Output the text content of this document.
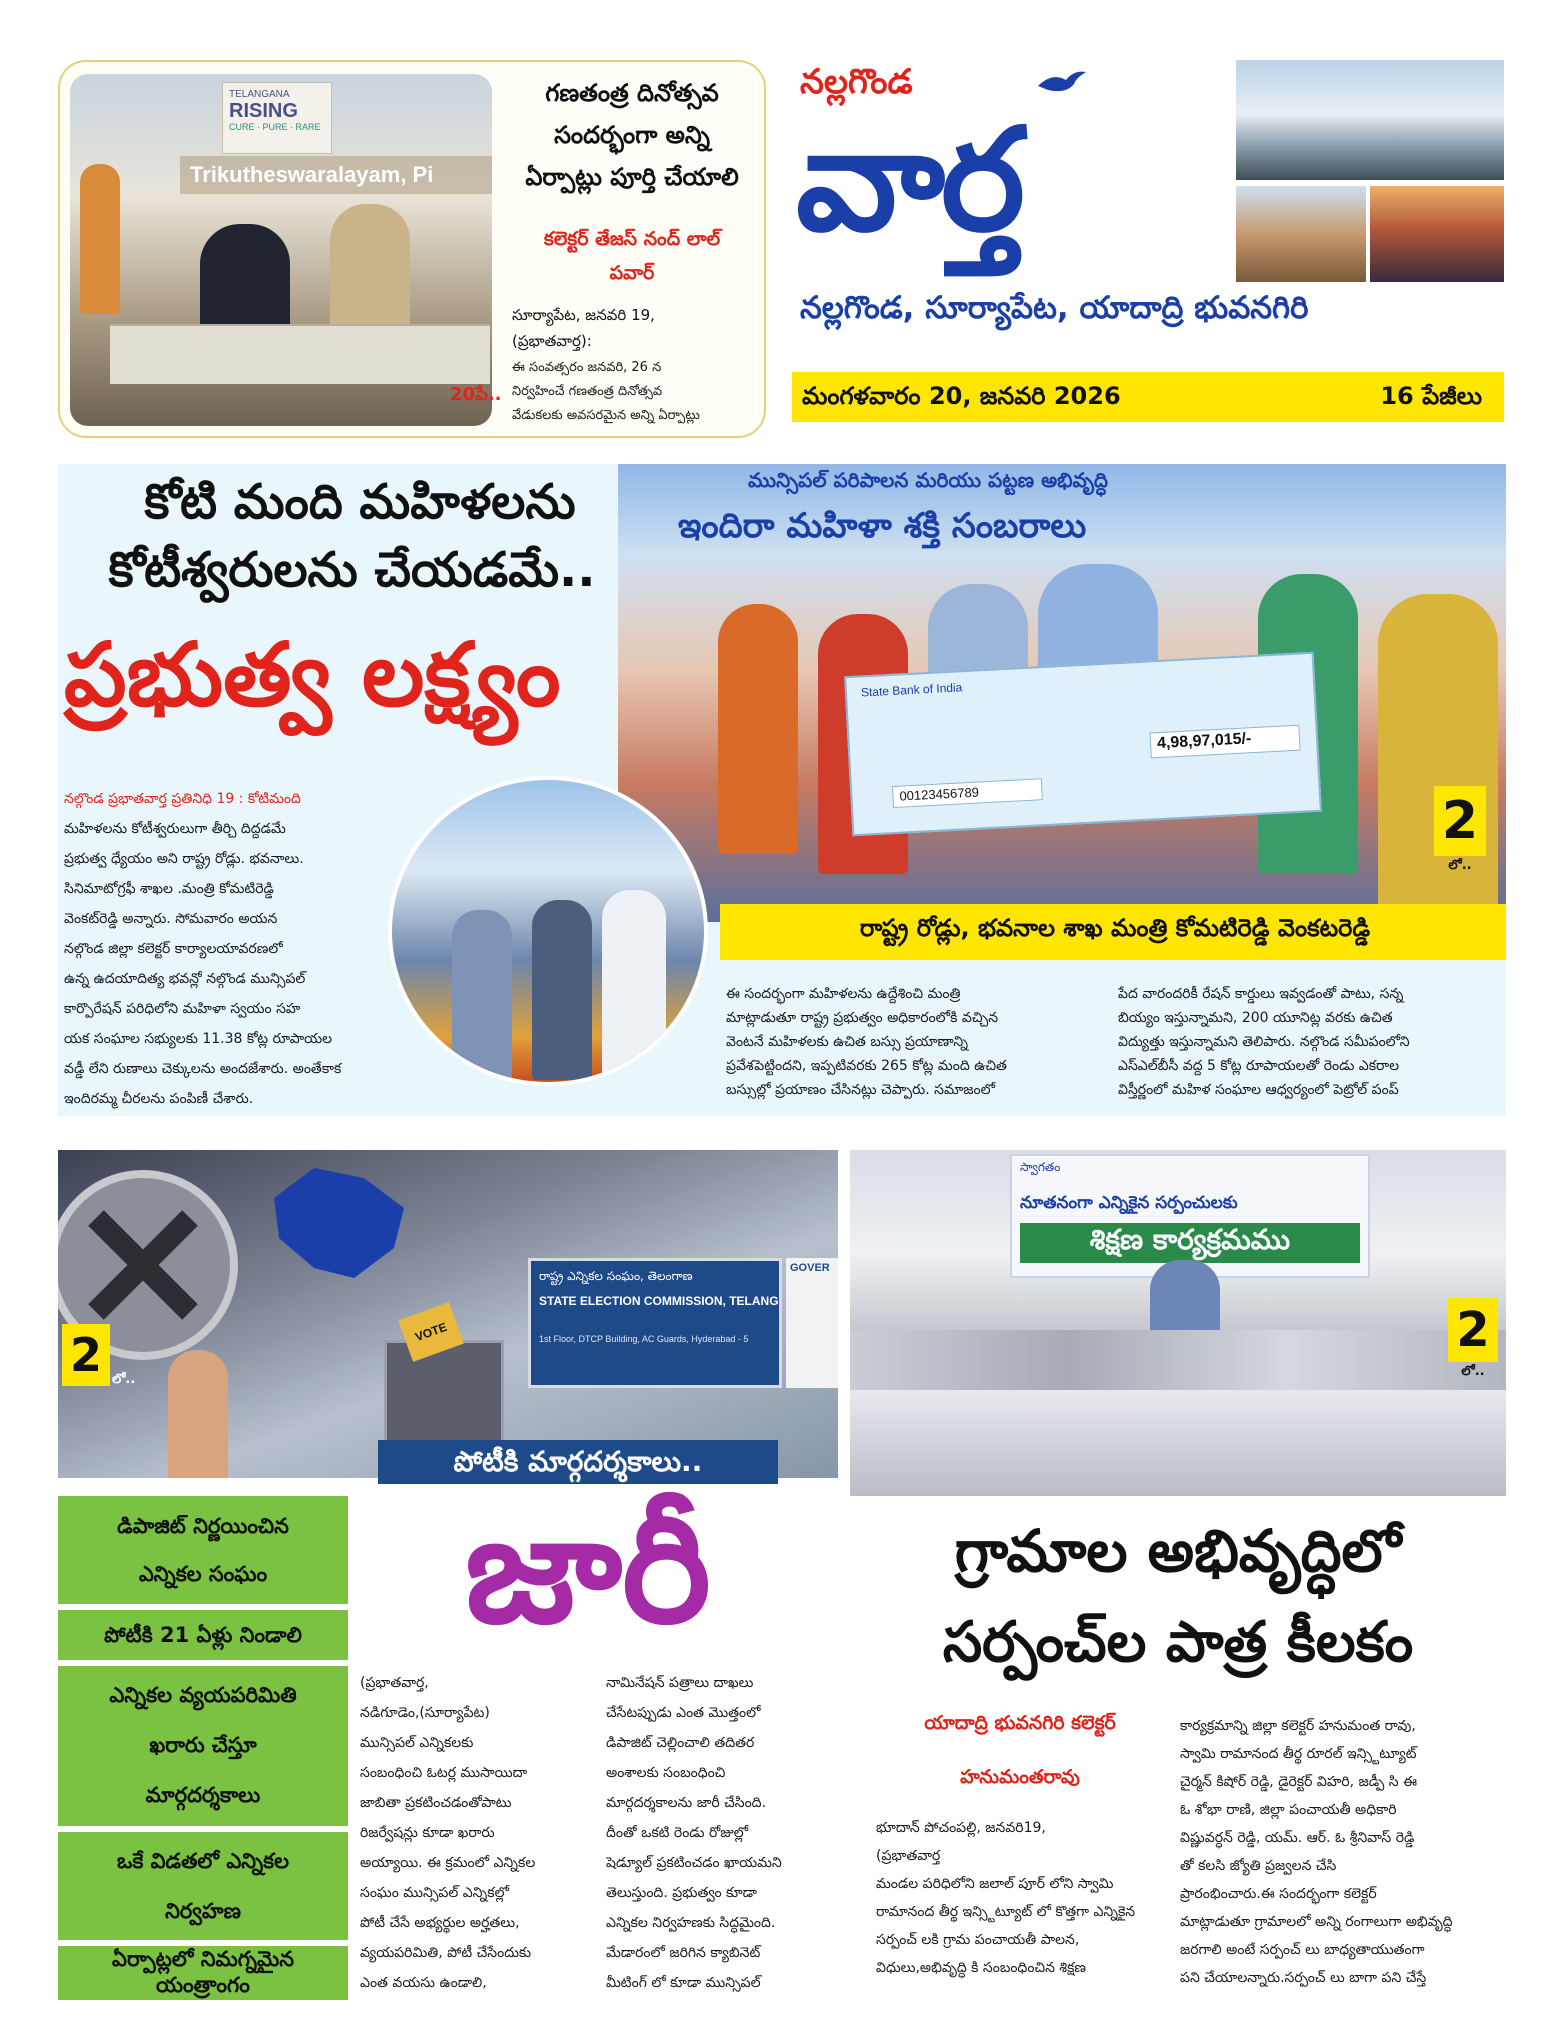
TELANGANA
RISING
CURE · PURE · RARE
Trikutheswaralayam, Pi
20పే..
గణతంత్ర దినోత్సవ
సందర్భంగా అన్ని
ఏర్పాట్లు పూర్తి చేయాలి
కలెక్టర్ తేజస్ నంద్ లాల్
పవార్
సూర్యాపేట, జనవరి 19,
(ప్రభాతవార్త):
ఈ సంవత్సరం జనవరి, 26 న
నిర్వహించే గణతంత్ర దినోత్సవ
వేడుకలకు అవసరమైన అన్ని ఏర్పాట్లు
నల్లగొండ
వార్త
నల్లగొండ, సూర్యాపేట, యాదాద్రి భువనగిరి
మంగళవారం 20, జనవరి 2026	16 పేజీలు
మున్సిపల్ పరిపాలన మరియు పట్టణ అభివృద్ధి
ఇందిరా మహిళా శక్తి సంబరాలు
State Bank of India
4,98,97,015/-
00123456789	2
లో..
కోటి మంది మహిళలను
కోటీశ్వరులను చేయడమే..
ప్రభుత్వ లక్ష్యం
నల్గొండ ప్రభాతవార్త ప్రతినిధి 19 : కోటిమంది
మహిళలను కోటీశ్వరులుగా తీర్చి దిద్దడమే
ప్రభుత్వ ధ్యేయం అని రాష్ట్ర రోడ్లు. భవనాలు.
సినిమాటోగ్రఫీ శాఖల .మంత్రి కోమటిరెడ్డి
వెంకట్‌రెడ్డి అన్నారు. సోమవారం అయన
నల్గొండ జిల్లా కలెక్టర్ కార్యాలయావరణలో
ఉన్న ఉదయాదిత్య భవన్లో నల్గొండ మున్సిపల్
కార్పొరేషన్ పరిధిలోని మహిళా స్వయం సహ
యక సంఘాల సభ్యులకు 11.38 కోట్ల రూపాయల
వడ్డీ లేని రుణాలు చెక్కులను అందజేశారు. అంతేకాక
ఇందిరమ్మ చీరలను పంపిణీ చేశారు.
రాష్ట్ర రోడ్లు, భవనాల శాఖ మంత్రి కోమటిరెడ్డి వెంకటరెడ్డి
ఈ సందర్భంగా మహిళలను ఉద్దేశించి మంత్రి
మాట్లాడుతూ రాష్ట్ర ప్రభుత్వం అధికారంలోకి వచ్చిన
వెంటనే మహిళలకు ఉచిత బస్సు ప్రయాణాన్ని
ప్రవేశపెట్టిందని, ఇప్పటివరకు 265 కోట్ల మంది ఉచిత
బస్సుల్లో ప్రయాణం చేసినట్లు చెప్పారు. సమాజంలో
పేద వారందరికీ రేషన్ కార్డులు ఇవ్వడంతో పాటు, సన్న
బియ్యం ఇస్తున్నామని, 200 యూనిట్ల వరకు ఉచిత
విద్యుత్తు ఇస్తున్నామని తెలిపారు. నల్గొండ సమీపంలోని
ఎస్‌ఎల్‌బీసీ వద్ద 5 కోట్ల రూపాయలతో రెండు ఎకరాల
విస్తీర్ణంలో మహిళ సంఘాల ఆధ్వర్యంలో పెట్రోల్ పంప్
రాష్ట్ర ఎన్నికల సంఘం, తెలంగాణ
STATE ELECTION COMMISSION, TELANG
1st Floor, DTCP Building, AC Guards, Hyderabad - 5
GOVER
VOTE
2 లో..
పోటీకి మార్గదర్శకాలు..
జారీ
డిపాజిట్ నిర్ణయించిన
ఎన్నికల సంఘం
పోటీకి 21 ఏళ్లు నిండాలి
ఎన్నికల వ్యయపరిమితి
ఖరారు చేస్తూ
మార్గదర్శకాలు
ఒకే విడతలో ఎన్నికల
నిర్వహణ
ఏర్పాట్లలో నిమగ్నమైన
యంత్రాంగం
(ప్రభాతవార్త,
నడిగూడెం,(సూర్యాపేట)
మున్సిపల్ ఎన్నికలకు
సంబంధించి ఓటర్ల ముసాయిదా
జాబితా ప్రకటించడంతోపాటు
రిజర్వేషన్లు కూడా ఖరారు
అయ్యాయి. ఈ క్రమంలో ఎన్నికల
సంఘం మున్సిపల్ ఎన్నికల్లో
పోటీ చేసే అభ్యర్థుల అర్హతలు,
వ్యయపరిమితి, పోటీ చేసేందుకు
ఎంత వయసు ఉండాలి,
నామినేషన్ పత్రాలు దాఖలు
చేసేటప్పుడు ఎంత మొత్తంలో
డిపాజిట్ చెల్లించాలి తదితర
అంశాలకు సంబంధించి
మార్గదర్శకాలను జారీ చేసింది.
దీంతో ఒకటి రెండు రోజుల్లో
షెడ్యూల్ ప్రకటించడం ఖాయమని
తెలుస్తుంది. ప్రభుత్వం కూడా
ఎన్నికల నిర్వహణకు సిద్ధమైంది.
మేడారంలో జరిగిన క్యాబినెట్
మీటింగ్ లో కూడా మున్సిపల్
స్వాగతం
నూతనంగా ఎన్నికైన సర్పంచులకు
శిక్షణ కార్యక్రమము
2
లో..
గ్రామాల అభివృద్ధిలో
సర్పంచ్‌ల పాత్ర కీలకం
యాదాద్రి భువనగిరి కలెక్టర్
హనుమంతరావు
భూదాన్ పోచంపల్లి, జనవరి19,
(ప్రభాతవార్త
మండల పరిధిలోని జలాల్ పూర్ లోని స్వామి
రామానంద తీర్థ ఇన్స్టిట్యూట్ లో కొత్తగా ఎన్నికైన
సర్పంచ్ లకి గ్రామ పంచాయతీ పాలన,
విధులు,అభివృద్ధి కి సంబంధించిన శిక్షణ
కార్యక్రమాన్ని జిల్లా కలెక్టర్ హనుమంత రావు,
స్వామి రామానంద తీర్థ రూరల్ ఇన్స్టిట్యూట్
చైర్మన్ కిషోర్ రెడ్డి, డైరెక్టర్ విహరి, జడ్పీ సి ఈ
ఓ శోభా రాణి, జిల్లా పంచాయతీ అధికారి
విష్ణువర్ధన్ రెడ్డి, యమ్. ఆర్. ఓ శ్రీనివాస్ రెడ్డి
తో కలసి జ్యోతి ప్రజ్వలన చేసి
ప్రారంభించారు.ఈ సందర్భంగా కలెక్టర్
మాట్లాడుతూ గ్రామాలలో అన్ని రంగాలుగా అభివృద్ధి
జరగాలి అంటే సర్పంచ్ లు బాధ్యతాయుతంగా
పని చేయాలన్నారు.సర్పంచ్ లు బాగా పని చేస్తే
